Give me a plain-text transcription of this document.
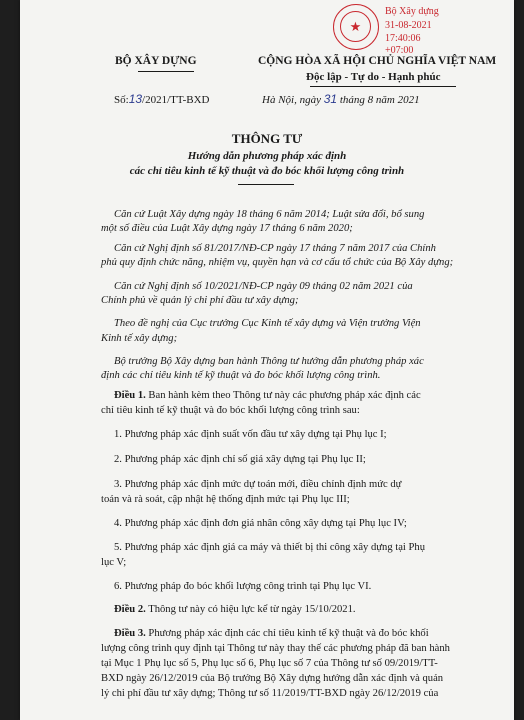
★
Bộ Xây dựng
31-08-2021
17:40:06
+07:00
BỘ XÂY DỰNG	CỘNG HÒA XÃ HỘI CHỦ NGHĨA VIỆT NAM
Độc lập - Tự do - Hạnh phúc
Số:13/2021/TT-BXD	Hà Nội, ngày 31 tháng 8 năm 2021
THÔNG TƯ
Hướng dẫn phương pháp xác định
các chỉ tiêu kinh tế kỹ thuật và đo bóc khối lượng công trình
Căn cứ Luật Xây dựng ngày 18 tháng 6 năm 2014; Luật sửa đổi, bổ sung
một số điều của Luật Xây dựng ngày 17 tháng 6 năm 2020;
Căn cứ Nghị định số 81/2017/NĐ-CP ngày 17 tháng 7 năm 2017 của Chính
phủ quy định chức năng, nhiệm vụ, quyền hạn và cơ cấu tổ chức của Bộ Xây dựng;
Căn cứ Nghị định số 10/2021/NĐ-CP ngày 09 tháng 02 năm 2021 của
Chính phủ về quản lý chi phí đầu tư xây dựng;
Theo đề nghị của Cục trưởng Cục Kinh tế xây dựng và Viện trưởng Viện
Kinh tế xây dựng;
Bộ trưởng Bộ Xây dựng ban hành Thông tư hướng dẫn phương pháp xác
định các chỉ tiêu kinh tế kỹ thuật và đo bóc khối lượng công trình.
Điều 1. Ban hành kèm theo Thông tư này các phương pháp xác định các
chỉ tiêu kinh tế kỹ thuật và đo bóc khối lượng công trình sau:
1. Phương pháp xác định suất vốn đầu tư xây dựng tại Phụ lục I;
2. Phương pháp xác định chỉ số giá xây dựng tại Phụ lục II;
3. Phương pháp xác định mức dự toán mới, điều chỉnh định mức dự
toán và rà soát, cập nhật hệ thống định mức tại Phụ lục III;
4. Phương pháp xác định đơn giá nhân công xây dựng tại Phụ lục IV;
5. Phương pháp xác định giá ca máy và thiết bị thi công xây dựng tại Phụ
lục V;
6. Phương pháp đo bóc khối lượng công trình tại Phụ lục VI.
Điều 2. Thông tư này có hiệu lực kể từ ngày 15/10/2021.
Điều 3. Phương pháp xác định các chỉ tiêu kinh tế kỹ thuật và đo bóc khối
lượng công trình quy định tại Thông tư này thay thế các phương pháp đã ban hành
tại Mục 1 Phụ lục số 5, Phụ lục số 6, Phụ lục số 7 của Thông tư số 09/2019/TT-
BXD ngày 26/12/2019 của Bộ trưởng Bộ Xây dựng hướng dẫn xác định và quản
lý chi phí đầu tư xây dựng; Thông tư số 11/2019/TT-BXD ngày 26/12/2019 của
